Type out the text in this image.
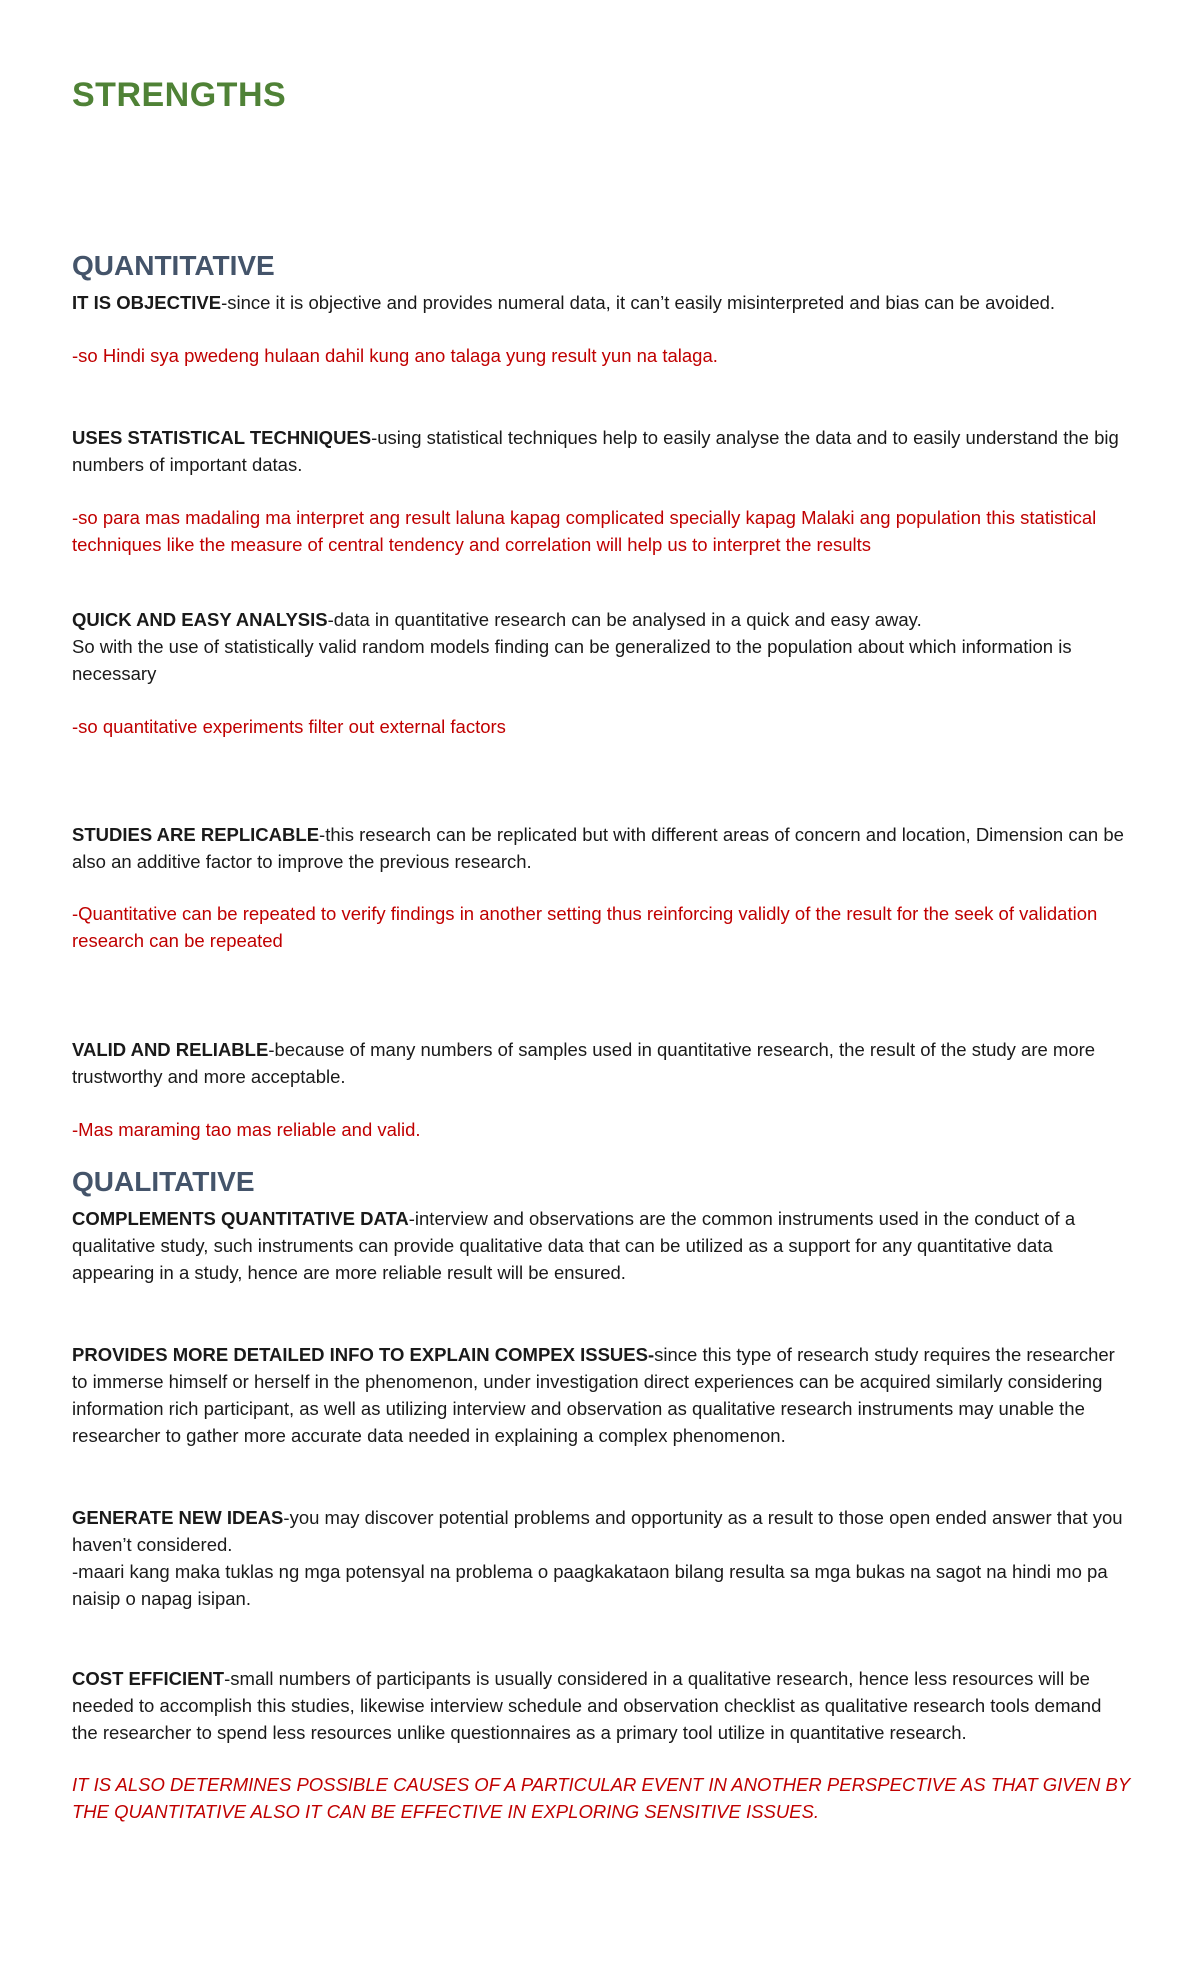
STRENGTHS
QUANTITATIVE

IT IS OBJECTIVE-since it is objective and provides numeral data, it can’t easily misinterpreted and bias can be avoided.

-so Hindi sya pwedeng hulaan dahil kung ano talaga yung result yun na talaga.

USES STATISTICAL TECHNIQUES-using statistical techniques help to easily analyse the data and to easily understand the big numbers of important datas.

-so para mas madaling ma interpret ang result laluna kapag complicated specially kapag Malaki ang population this statistical techniques like the measure of central tendency and correlation will help us to interpret the results

QUICK AND EASY ANALYSIS-data in quantitative research can be analysed in a quick and easy away.
So with the use of statistically valid random models finding can be generalized to the population about which information is necessary

-so quantitative experiments filter out external factors

STUDIES ARE REPLICABLE-this research can be replicated but with different areas of concern and location, Dimension can be also an additive factor to improve the previous research.

-Quantitative can be repeated to verify findings in another setting thus reinforcing validly of the result for the seek of validation research can be repeated

VALID AND RELIABLE-because of many numbers of samples used in quantitative research, the result of the study are more trustworthy and more acceptable.

-Mas maraming tao mas reliable and valid.

QUALITATIVE

COMPLEMENTS QUANTITATIVE DATA-interview and observations are the common instruments used in the conduct of a qualitative study, such instruments can provide qualitative data that can be utilized as a support for any quantitative data appearing in a study, hence are more reliable result will be ensured.

PROVIDES MORE DETAILED INFO TO EXPLAIN COMPEX ISSUES-since this type of research study requires the researcher to immerse himself or herself in the phenomenon, under investigation direct experiences can be acquired similarly considering information rich participant, as well as utilizing interview and observation as qualitative research instruments may unable the researcher to gather more accurate data needed in explaining a complex phenomenon.

GENERATE NEW IDEAS-you may discover potential problems and opportunity as a result to those open ended answer that you haven’t considered.
-maari kang maka tuklas ng mga potensyal na problema o paagkakataon bilang resulta sa mga bukas na sagot na hindi mo pa naisip o napag isipan.

COST EFFICIENT-small numbers of participants is usually considered in a qualitative research, hence less resources will be needed to accomplish this studies, likewise interview schedule and observation checklist as qualitative research tools demand the researcher to spend less resources unlike questionnaires as a primary tool utilize in quantitative research.

IT IS ALSO DETERMINES POSSIBLE CAUSES OF A PARTICULAR EVENT IN ANOTHER PERSPECTIVE AS THAT GIVEN BY THE QUANTITATIVE ALSO IT CAN BE EFFECTIVE IN EXPLORING SENSITIVE ISSUES.
